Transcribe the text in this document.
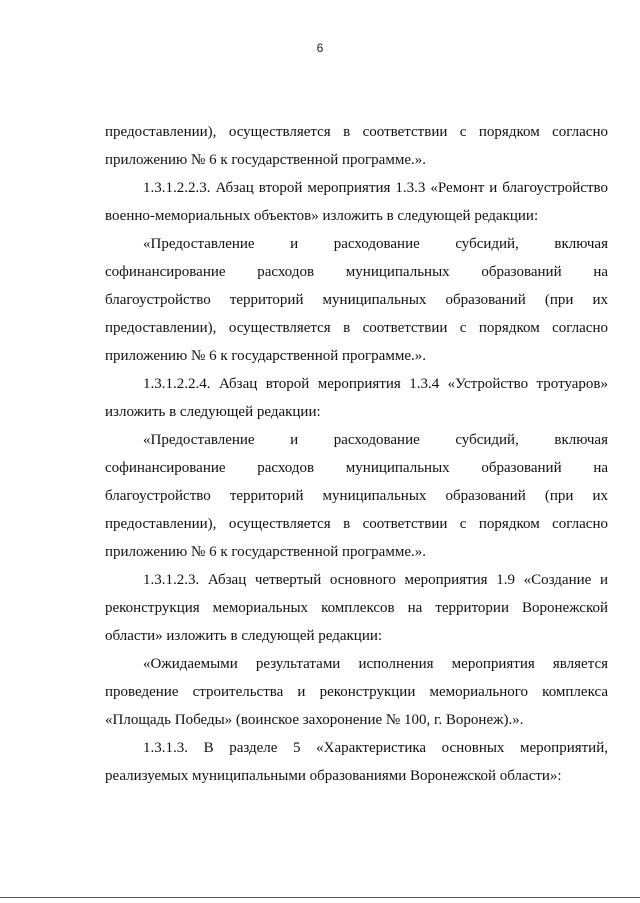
6
предоставлении), осуществляется в соответствии с порядком согласно
приложению № 6 к государственной программе.».
1.3.1.2.2.3. Абзац второй мероприятия 1.3.3 «Ремонт и благоустройство
военно-мемориальных объектов» изложить в следующей редакции:
«Предоставление и расходование субсидий, включая
софинансирование расходов муниципальных образований на
благоустройство территорий муниципальных образований (при их
предоставлении), осуществляется в соответствии с порядком согласно
приложению № 6 к государственной программе.».
1.3.1.2.2.4. Абзац второй мероприятия 1.3.4 «Устройство тротуаров»
изложить в следующей редакции:
«Предоставление и расходование субсидий, включая
софинансирование расходов муниципальных образований на
благоустройство территорий муниципальных образований (при их
предоставлении), осуществляется в соответствии с порядком согласно
приложению № 6 к государственной программе.».
1.3.1.2.3. Абзац четвертый основного мероприятия 1.9 «Создание и
реконструкция мемориальных комплексов на территории Воронежской
области» изложить в следующей редакции:
«Ожидаемыми результатами исполнения мероприятия является
проведение строительства и реконструкции мемориального комплекса
«Площадь Победы» (воинское захоронение № 100, г. Воронеж).».
1.3.1.3. В разделе 5 «Характеристика основных мероприятий,
реализуемых муниципальными образованиями Воронежской области»:
